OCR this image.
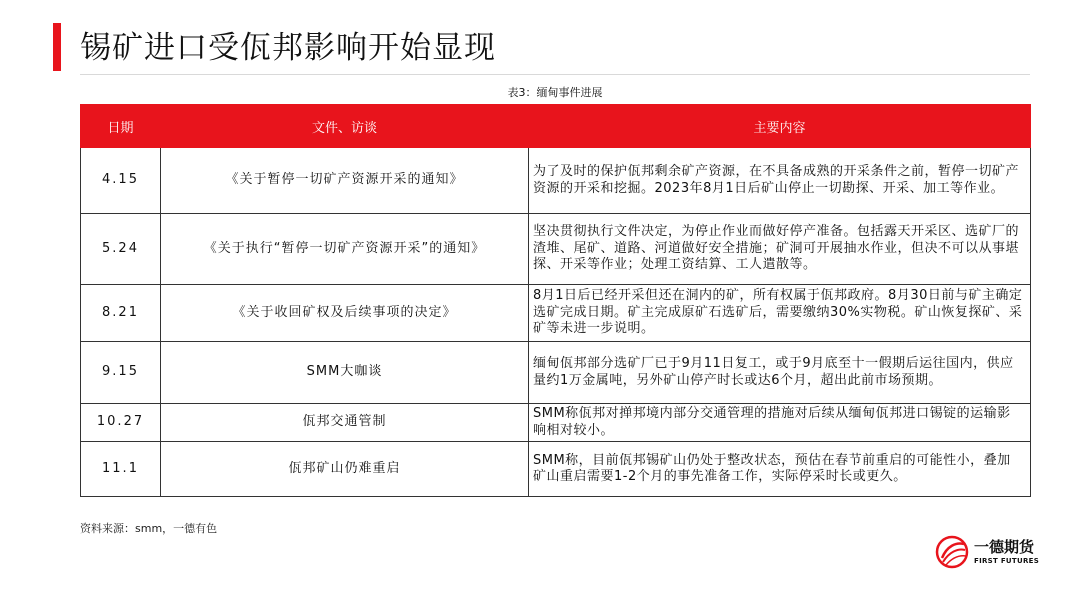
锡矿进口受佤邦影响开始显现
表3：缅甸事件进展
日期	文件、访谈	主要内容
4.15	《关于暂停一切矿产资源开采的通知》	为了及时的保护佤邦剩余矿产资源，在不具备成熟的开采条件之前，暂停一切矿产资源的开采和挖掘。2023年8月1日后矿山停止一切勘探、开采、加工等作业。
5.24	《关于执行“暂停一切矿产资源开采”的通知》	坚决贯彻执行文件决定，为停止作业而做好停产准备。包括露天开采区、选矿厂的渣堆、尾矿、道路、河道做好安全措施；矿洞可开展抽水作业，但决不可以从事堪探、开采等作业；处理工资结算、工人遣散等。
8.21	《关于收回矿权及后续事项的决定》	8月1日后已经开采但还在洞内的矿，所有权属于佤邦政府。8月30日前与矿主确定选矿完成日期。矿主完成原矿石选矿后，需要缴纳30%实物税。矿山恢复探矿、采矿等未进一步说明。
9.15	SMM大咖谈	缅甸佤邦部分选矿厂已于9月11日复工，或于9月底至十一假期后运往国内，供应量约1万金属吨，另外矿山停产时长或达6个月，超出此前市场预期。
10.27	佤邦交通管制	SMM称佤邦对掸邦境内部分交通管理的措施对后续从缅甸佤邦进口锡锭的运输影响相对较小。
11.1	佤邦矿山仍难重启	SMM称，目前佤邦锡矿山仍处于整改状态，预估在春节前重启的可能性小，叠加矿山重启需要1-2个月的事先准备工作，实际停采时长或更久。
资料来源：smm，一德有色
一德期货
FIRST FUTURES
